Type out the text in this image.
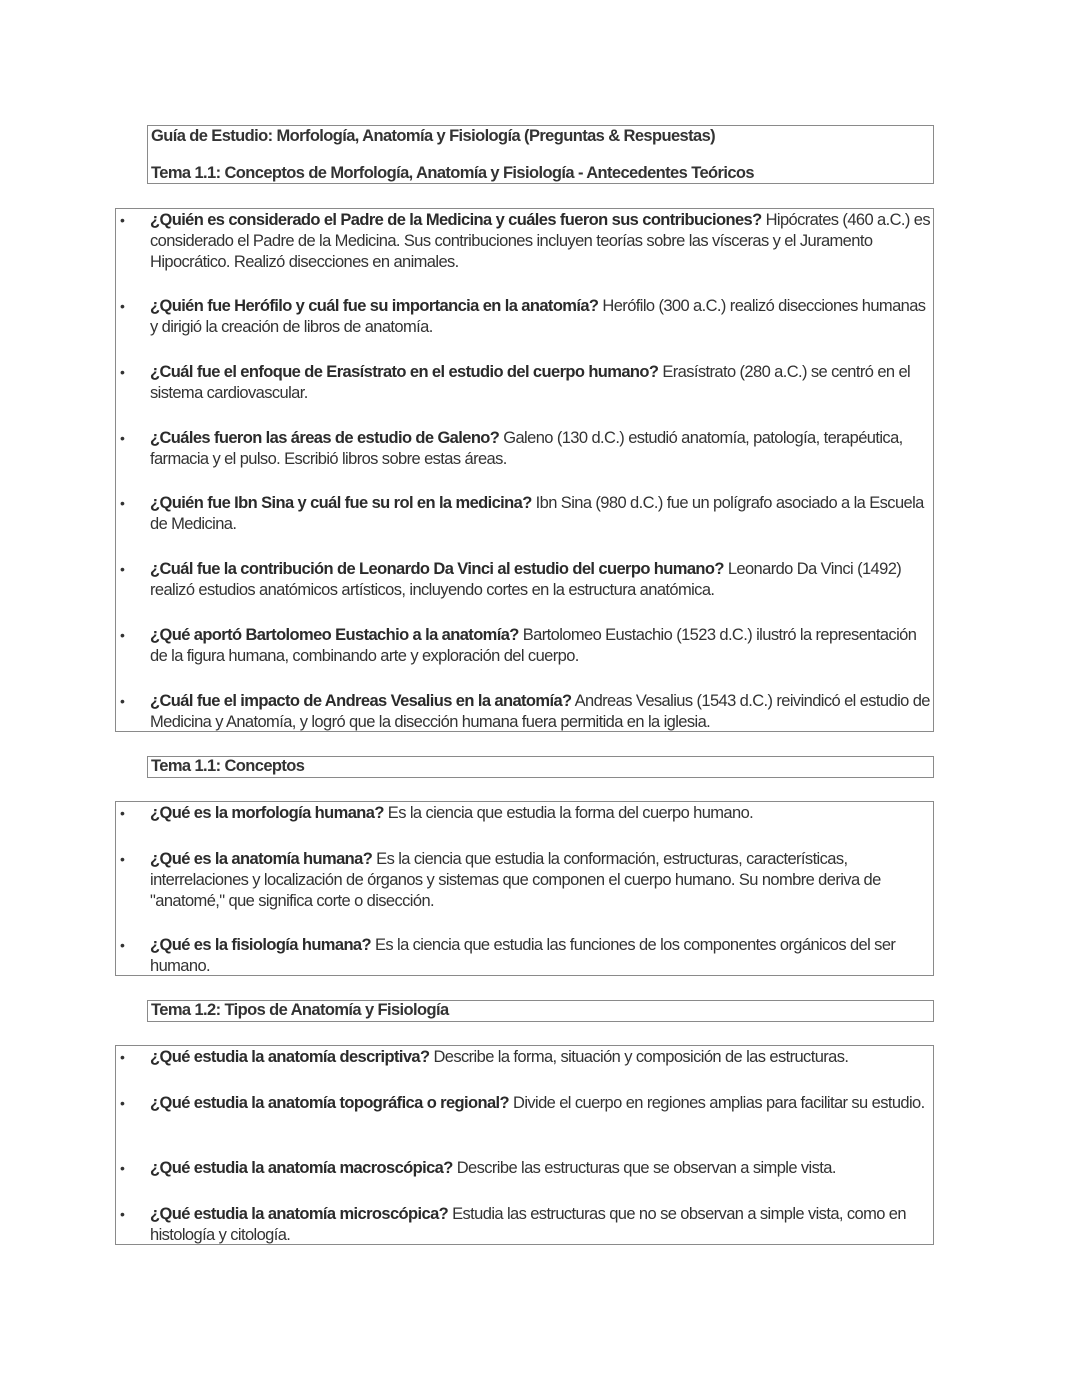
Guía de Estudio: Morfología, Anatomía y Fisiología (Preguntas & Respuestas)
Tema 1.1: Conceptos de Morfología, Anatomía y Fisiología - Antecedentes Teóricos
• ¿Quién es considerado el Padre de la Medicina y cuáles fueron sus contribuciones? Hipócrates (460 a.C.) es considerado el Padre de la Medicina. Sus contribuciones incluyen teorías sobre las vísceras y el Juramento Hipocrático. Realizó disecciones en animales.
• ¿Quién fue Herófilo y cuál fue su importancia en la anatomía? Herófilo (300 a.C.) realizó disecciones humanas y dirigió la creación de libros de anatomía.
• ¿Cuál fue el enfoque de Erasístrato en el estudio del cuerpo humano? Erasístrato (280 a.C.) se centró en el sistema cardiovascular.
• ¿Cuáles fueron las áreas de estudio de Galeno? Galeno (130 d.C.) estudió anatomía, patología, terapéutica, farmacia y el pulso. Escribió libros sobre estas áreas.
• ¿Quién fue Ibn Sina y cuál fue su rol en la medicina? Ibn Sina (980 d.C.) fue un polígrafo asociado a la Escuela de Medicina.
• ¿Cuál fue la contribución de Leonardo Da Vinci al estudio del cuerpo humano? Leonardo Da Vinci (1492) realizó estudios anatómicos artísticos, incluyendo cortes en la estructura anatómica.
• ¿Qué aportó Bartolomeo Eustachio a la anatomía? Bartolomeo Eustachio (1523 d.C.) ilustró la representación de la figura humana, combinando arte y exploración del cuerpo.
• ¿Cuál fue el impacto de Andreas Vesalius en la anatomía? Andreas Vesalius (1543 d.C.) reivindicó el estudio de Medicina y Anatomía, y logró que la disección humana fuera permitida en la iglesia.
Tema 1.1: Conceptos
• ¿Qué es la morfología humana? Es la ciencia que estudia la forma del cuerpo humano.
• ¿Qué es la anatomía humana? Es la ciencia que estudia la conformación, estructuras, características, interrelaciones y localización de órganos y sistemas que componen el cuerpo humano. Su nombre deriva de "anatomé," que significa corte o disección.
• ¿Qué es la fisiología humana? Es la ciencia que estudia las funciones de los componentes orgánicos del ser humano.
Tema 1.2: Tipos de Anatomía y Fisiología
• ¿Qué estudia la anatomía descriptiva? Describe la forma, situación y composición de las estructuras.
• ¿Qué estudia la anatomía topográfica o regional? Divide el cuerpo en regiones amplias para facilitar su estudio.
• ¿Qué estudia la anatomía macroscópica? Describe las estructuras que se observan a simple vista.
• ¿Qué estudia la anatomía microscópica? Estudia las estructuras que no se observan a simple vista, como en histología y citología.
